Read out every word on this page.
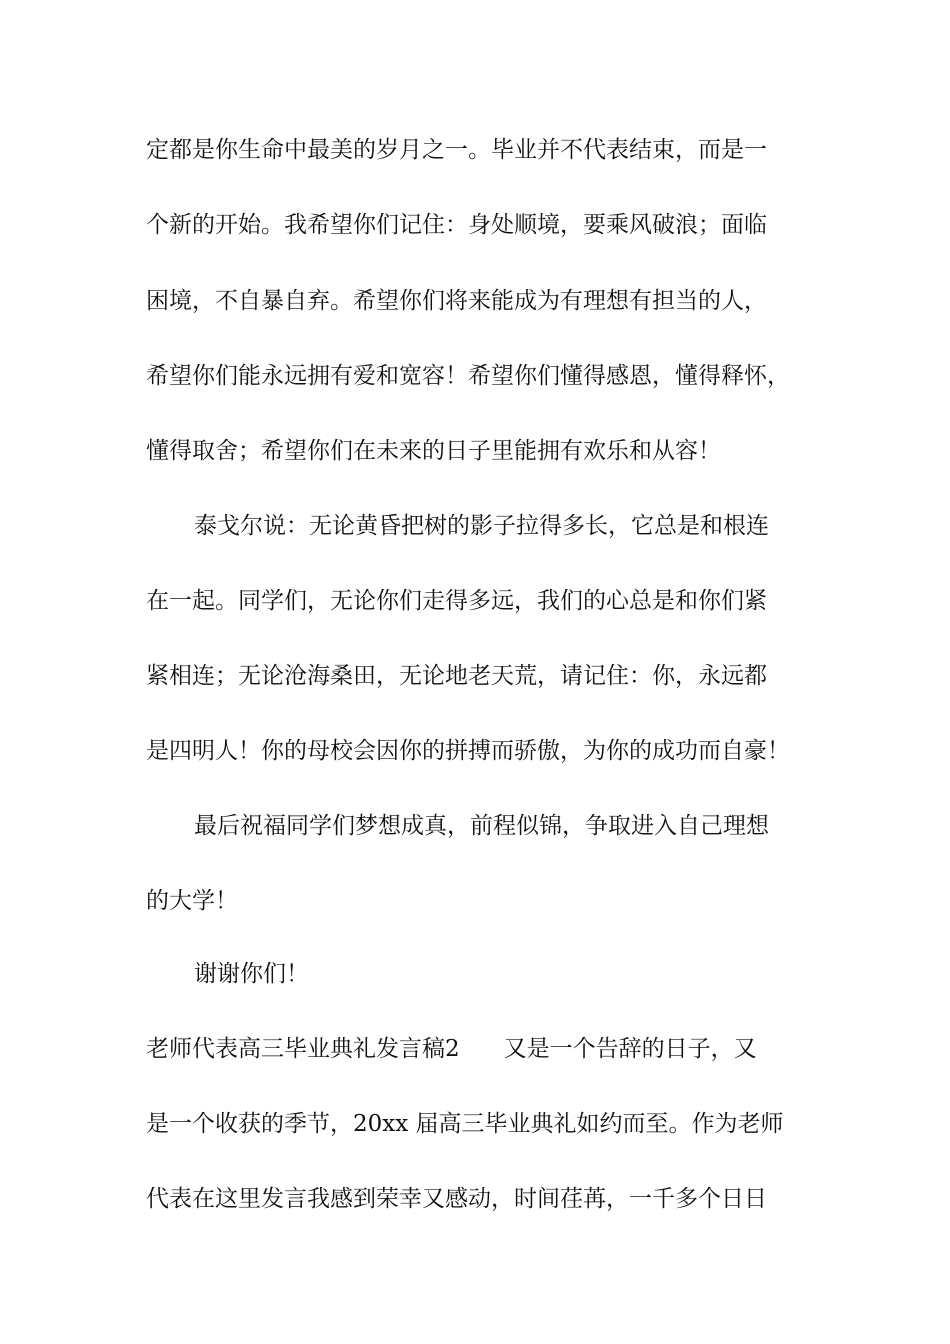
定都是你生命中最美的岁月之一。毕业并不代表结束，而是一
个新的开始。我希望你们记住：身处顺境，要乘风破浪；面临
困境，不自暴自弃。希望你们将来能成为有理想有担当的人，
希望你们能永远拥有爱和宽容！希望你们懂得感恩，懂得释怀，
懂得取舍；希望你们在未来的日子里能拥有欢乐和从容！
泰戈尔说：无论黄昏把树的影子拉得多长，它总是和根连
在一起。同学们，无论你们走得多远，我们的心总是和你们紧
紧相连；无论沧海桑田，无论地老天荒，请记住：你，永远都
是四明人！你的母校会因你的拼搏而骄傲，为你的成功而自豪！
最后祝福同学们梦想成真，前程似锦，争取进入自己理想
的大学！
谢谢你们！
老师代表高三毕业典礼发言稿2 又是一个告辞的日子，又
是一个收获的季节，20xx 届高三毕业典礼如约而至。作为老师
代表在这里发言我感到荣幸又感动，时间荏苒，一千多个日日
